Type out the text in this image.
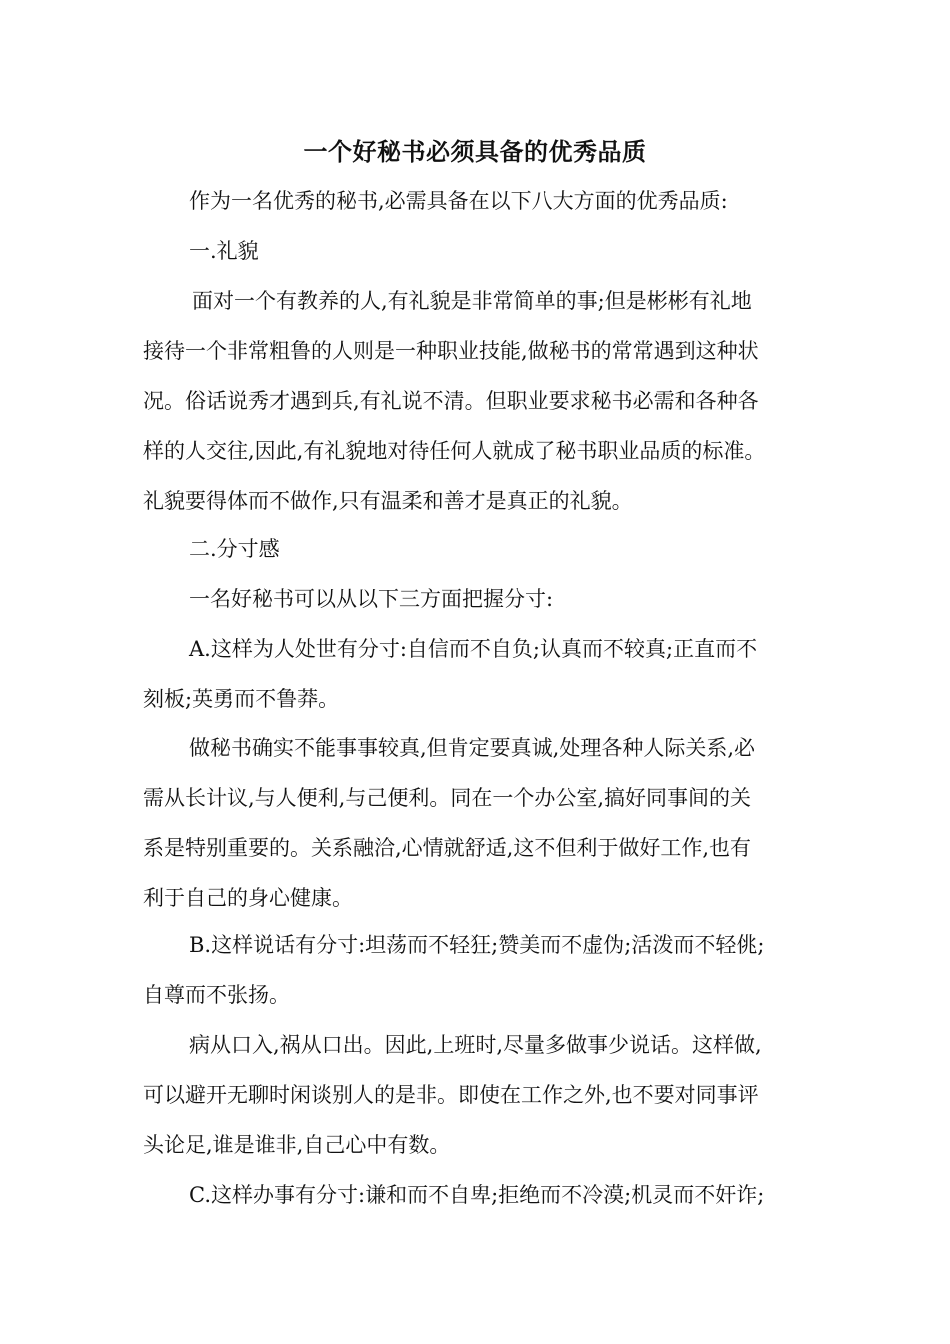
一个好秘书必须具备的优秀品质
作为一名优秀的秘书,必需具备在以下八大方面的优秀品质:
一.礼貌
面对一个有教养的人,有礼貌是非常简单的事;但是彬彬有礼地
接待一个非常粗鲁的人则是一种职业技能,做秘书的常常遇到这种状
况。俗话说秀才遇到兵,有礼说不清。但职业要求秘书必需和各种各
样的人交往,因此,有礼貌地对待任何人就成了秘书职业品质的标准。
礼貌要得体而不做作,只有温柔和善才是真正的礼貌。
二.分寸感
一名好秘书可以从以下三方面把握分寸:
A.这样为人处世有分寸:自信而不自负;认真而不较真;正直而不
刻板;英勇而不鲁莽。
做秘书确实不能事事较真,但肯定要真诚,处理各种人际关系,必
需从长计议,与人便利,与己便利。同在一个办公室,搞好同事间的关
系是特别重要的。关系融洽,心情就舒适,这不但利于做好工作,也有
利于自己的身心健康。
B.这样说话有分寸:坦荡而不轻狂;赞美而不虚伪;活泼而不轻佻;
自尊而不张扬。
病从口入,祸从口出。因此,上班时,尽量多做事少说话。这样做,
可以避开无聊时闲谈别人的是非。即使在工作之外,也不要对同事评
头论足,谁是谁非,自己心中有数。
C.这样办事有分寸:谦和而不自卑;拒绝而不冷漠;机灵而不奸诈;
